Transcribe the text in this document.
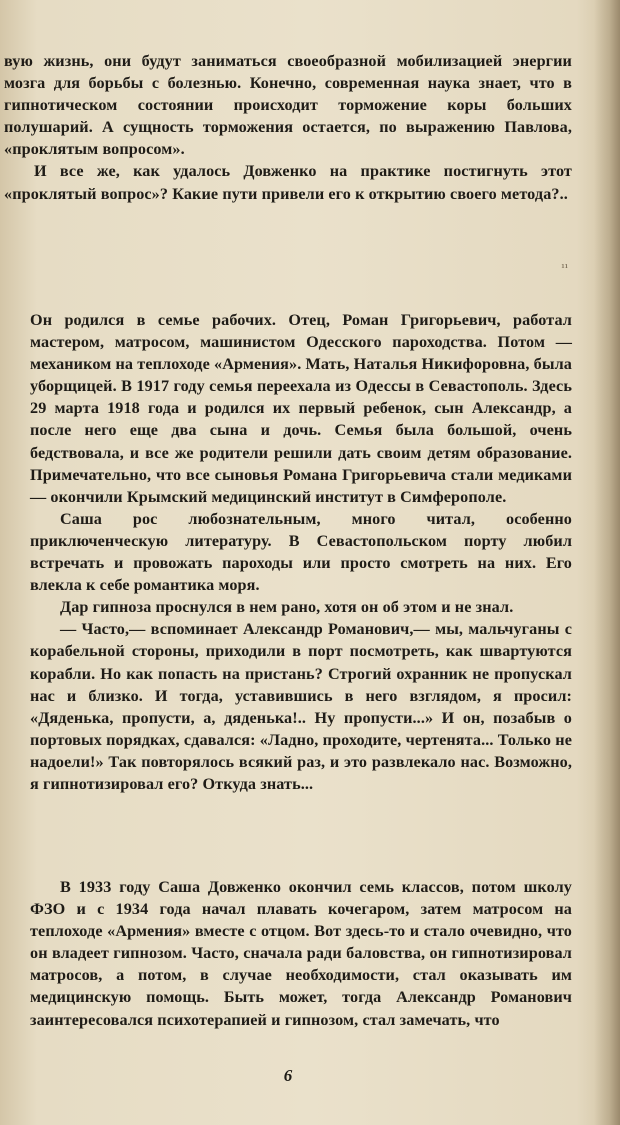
вую жизнь, они будут заниматься своеобразной мобилизацией энергии мозга для борьбы с болезнью. Конечно, современная наука знает, что в гипнотическом состоянии происходит торможение коры больших полушарий. А сущность торможения остается, по выражению Павлова, «проклятым вопросом».

И все же, как удалось Довженко на практике постигнуть этот «проклятый вопрос»? Какие пути привели его к открытию своего метода?..

¹¹

Он родился в семье рабочих. Отец, Роман Григорьевич, работал мастером, матросом, машинистом Одесского пароходства. Потом — механиком на теплоходе «Армения». Мать, Наталья Никифоровна, была уборщицей. В 1917 году семья переехала из Одессы в Севастополь. Здесь 29 марта 1918 года и родился их первый ребенок, сын Александр, а после него еще два сына и дочь. Семья была большой, очень бедствовала, и все же родители решили дать своим детям образование. Примечательно, что все сыновья Романа Григорьевича стали медиками — окончили Крымский медицинский институт в Симферополе.

Саша рос любознательным, много читал, особенно приключенческую литературу. В Севастопольском порту любил встречать и провожать пароходы или просто смотреть на них. Его влекла к себе романтика моря.

Дар гипноза проснулся в нем рано, хотя он об этом и не знал.

— Часто,— вспоминает Александр Романович,— мы, мальчуганы с корабельной стороны, приходили в порт посмотреть, как швартуются корабли. Но как попасть на пристань? Строгий охранник не пропускал нас и близко. И тогда, уставившись в него взглядом, я просил: «Дяденька, пропусти, а, дяденька!.. Ну пропусти...» И он, позабыв о портовых порядках, сдавался: «Ладно, проходите, чертенята... Только не надоели!» Так повторялось всякий раз, и это развлекало нас. Возможно, я гипнотизировал его? Откуда знать...

В 1933 году Саша Довженко окончил семь классов, потом школу ФЗО и с 1934 года начал плавать кочегаром, затем матросом на теплоходе «Армения» вместе с отцом. Вот здесь-то и стало очевидно, что он владеет гипнозом. Часто, сначала ради баловства, он гипнотизировал матросов, а потом, в случае необходимости, стал оказывать им медицинскую помощь. Быть может, тогда Александр Романович заинтересовался психотерапией и гипнозом, стал замечать, что

6
